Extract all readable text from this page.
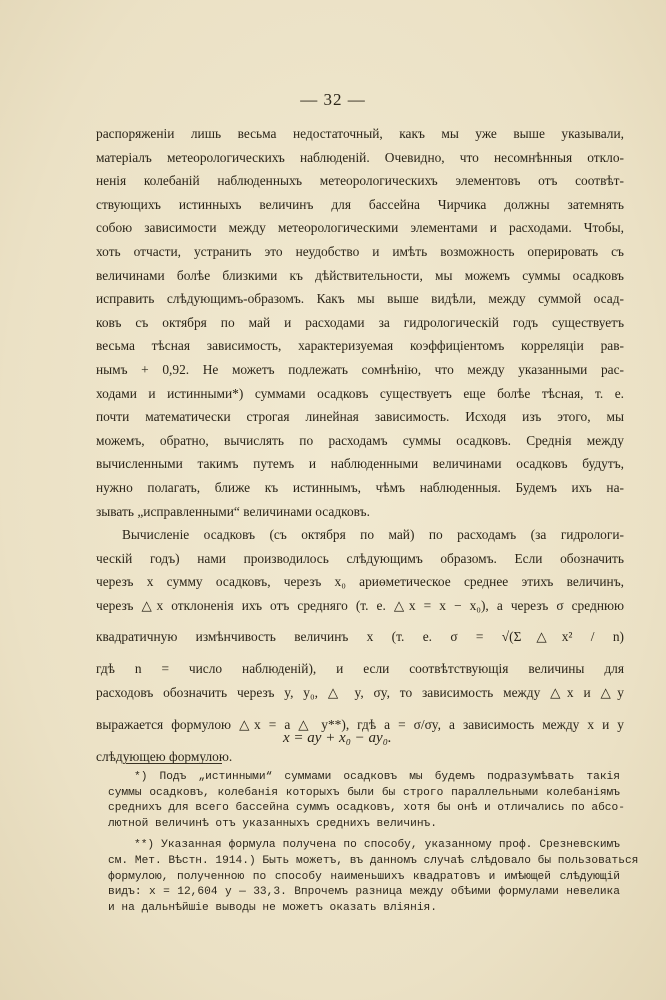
— 32 —
распоряженіи лишь весьма недостаточный, какъ мы уже выше указывали,
матеріалъ метеорологическихъ наблюденій. Очевидно, что несомнѣнныя откло-
ненія колебаній наблюденныхъ метеорологическихъ элементовъ отъ соотвѣт-
ствующихъ истинныхъ величинъ для бассейна Чирчика должны затемнять
собою зависимости между метеорологическими элементами и расходами. Чтобы,
хоть отчасти, устранить это неудобство и имѣть возможность оперировать съ
величинами болѣе близкими къ дѣйствительности, мы можемъ суммы осадковъ
исправить слѣдующимъ-образомъ. Какъ мы выше видѣли, между суммой осад-
ковъ съ октября по май и расходами за гидрологическій годъ существуетъ
весьма тѣсная зависимость, характеризуемая коэффиціентомъ корреляціи рав-
нымъ + 0,92. Не можетъ подлежать сомнѣнію, что между указанными рас-
ходами и истинными*) суммами осадковъ существуетъ еще болѣе тѣсная, т. е.
почти математически строгая линейная зависимость. Исходя изъ этого, мы
можемъ, обратно, вычислять по расходамъ суммы осадковъ. Среднія между
вычисленными такимъ путемъ и наблюденными величинами осадковъ будутъ,
нужно полагать, ближе къ истиннымъ, чѣмъ наблюденныя. Будемъ ихъ на-
зывать „исправленными“ величинами осадковъ.
Вычисленіе осадковъ (съ октября по май) по расходамъ (за гидрологи-
ческій годъ) нами производилось слѣдующимъ образомъ. Если обозначить
черезъ x сумму осадковъ, черезъ x₀ ариѳметическое среднее этихъ величинъ,
черезъ △x отклоненія ихъ отъ средняго (т. е. △x = x − x₀), а черезъ σ среднюю
квадратичную измѣнчивость величинъ x (т. е. σ = √(Σ△x² / n)
гдѣ n = число наблюденій), и если соотвѣтствующія величины для
расходовъ обозначить черезъ y, y₀, △ y, σy, то зависимость между △x и △y
выражается формулою △x = a △ y**), гдѣ a = σ/σy, а зависимость между x и y
слѣдующею формулою.
x = ay + x₀ − ay₀.
*) Подъ „истинными“ суммами осадковъ мы будемъ подразумѣвать такія
суммы осадковъ, колебанія которыхъ были бы строго параллельными колебаніямъ
среднихъ для всего бассейна суммъ осадковъ, хотя бы онѣ и отличались по абсо-
лютной величинѣ отъ указанныхъ среднихъ величинъ.
**) Указанная формула получена по способу, указанному проф. Срезневскимъ
см. Мет. Вѣстн. 1914.) Быть можетъ, въ данномъ случаѣ слѣдовало бы пользоваться
формулою, полученною по способу наименьшихъ квадратовъ и имѣющей слѣдующій
видъ: x = 12,604 y — 33,3. Впрочемъ разница между обѣими формулами невелика
и на дальнѣйшіе выводы не можетъ оказать вліянія.
